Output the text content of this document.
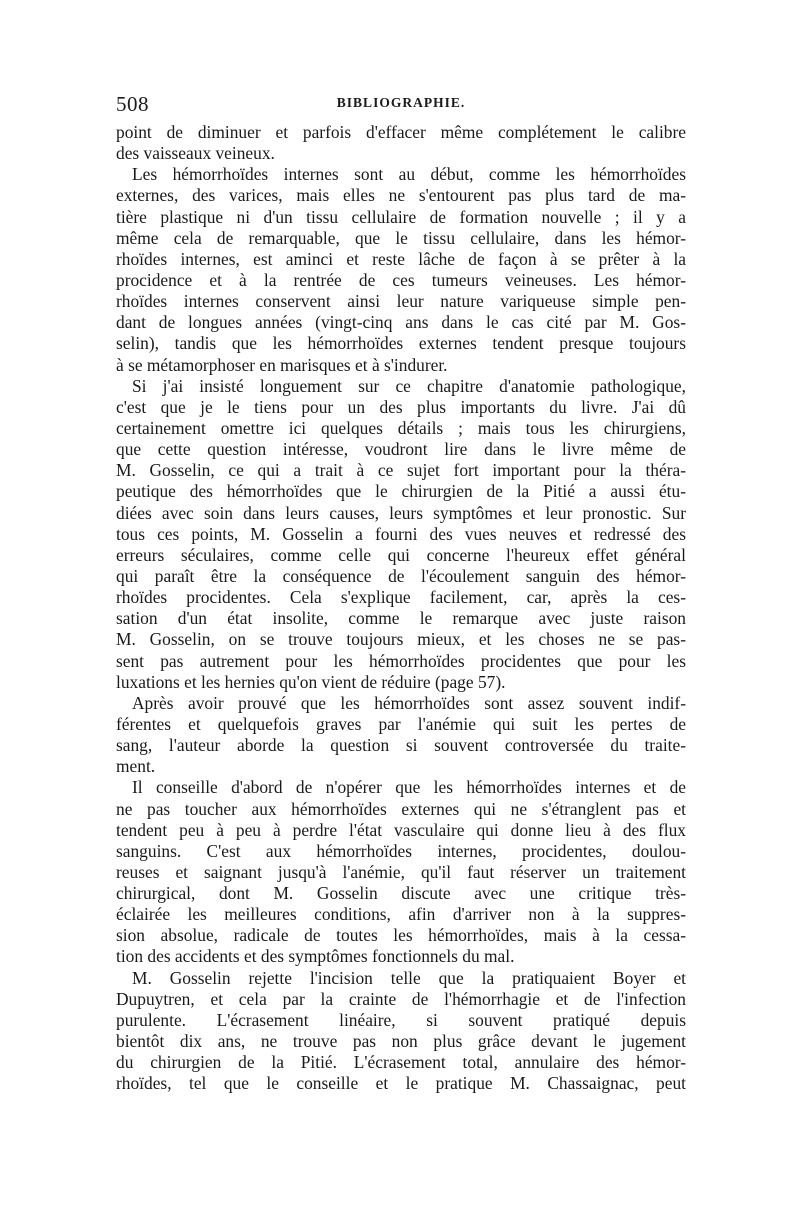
508	BIBLIOGRAPHIE.
point de diminuer et parfois d'effacer même complétement le calibre
des vaisseaux veineux.
Les hémorrhoïdes internes sont au début, comme les hémorrhoïdes
externes, des varices, mais elles ne s'entourent pas plus tard de ma-
tière plastique ni d'un tissu cellulaire de formation nouvelle ; il y a
même cela de remarquable, que le tissu cellulaire, dans les hémor-
rhoïdes internes, est aminci et reste lâche de façon à se prêter à la
procidence et à la rentrée de ces tumeurs veineuses. Les hémor-
rhoïdes internes conservent ainsi leur nature variqueuse simple pen-
dant de longues années (vingt-cinq ans dans le cas cité par M. Gos-
selin), tandis que les hémorrhoïdes externes tendent presque toujours
à se métamorphoser en marisques et à s'indurer.
Si j'ai insisté longuement sur ce chapitre d'anatomie pathologique,
c'est que je le tiens pour un des plus importants du livre. J'ai dû
certainement omettre ici quelques détails ; mais tous les chirurgiens,
que cette question intéresse, voudront lire dans le livre même de
M. Gosselin, ce qui a trait à ce sujet fort important pour la théra-
peutique des hémorrhoïdes que le chirurgien de la Pitié a aussi étu-
diées avec soin dans leurs causes, leurs symptômes et leur pronostic. Sur
tous ces points, M. Gosselin a fourni des vues neuves et redressé des
erreurs séculaires, comme celle qui concerne l'heureux effet général
qui paraît être la conséquence de l'écoulement sanguin des hémor-
rhoïdes procidentes. Cela s'explique facilement, car, après la ces-
sation d'un état insolite, comme le remarque avec juste raison
M. Gosselin, on se trouve toujours mieux, et les choses ne se pas-
sent pas autrement pour les hémorrhoïdes procidentes que pour les
luxations et les hernies qu'on vient de réduire (page 57).
Après avoir prouvé que les hémorrhoïdes sont assez souvent indif-
férentes et quelquefois graves par l'anémie qui suit les pertes de
sang, l'auteur aborde la question si souvent controversée du traite-
ment.
Il conseille d'abord de n'opérer que les hémorrhoïdes internes et de
ne pas toucher aux hémorrhoïdes externes qui ne s'étranglent pas et
tendent peu à peu à perdre l'état vasculaire qui donne lieu à des flux
sanguins. C'est aux hémorrhoïdes internes, procidentes, doulou-
reuses et saignant jusqu'à l'anémie, qu'il faut réserver un traitement
chirurgical, dont M. Gosselin discute avec une critique très-
éclairée les meilleures conditions, afin d'arriver non à la suppres-
sion absolue, radicale de toutes les hémorrhoïdes, mais à la cessa-
tion des accidents et des symptômes fonctionnels du mal.
M. Gosselin rejette l'incision telle que la pratiquaient Boyer et
Dupuytren, et cela par la crainte de l'hémorrhagie et de l'infection
purulente. L'écrasement linéaire, si souvent pratiqué depuis
bientôt dix ans, ne trouve pas non plus grâce devant le jugement
du chirurgien de la Pitié. L'écrasement total, annulaire des hémor-
rhoïdes, tel que le conseille et le pratique M. Chassaignac, peut
